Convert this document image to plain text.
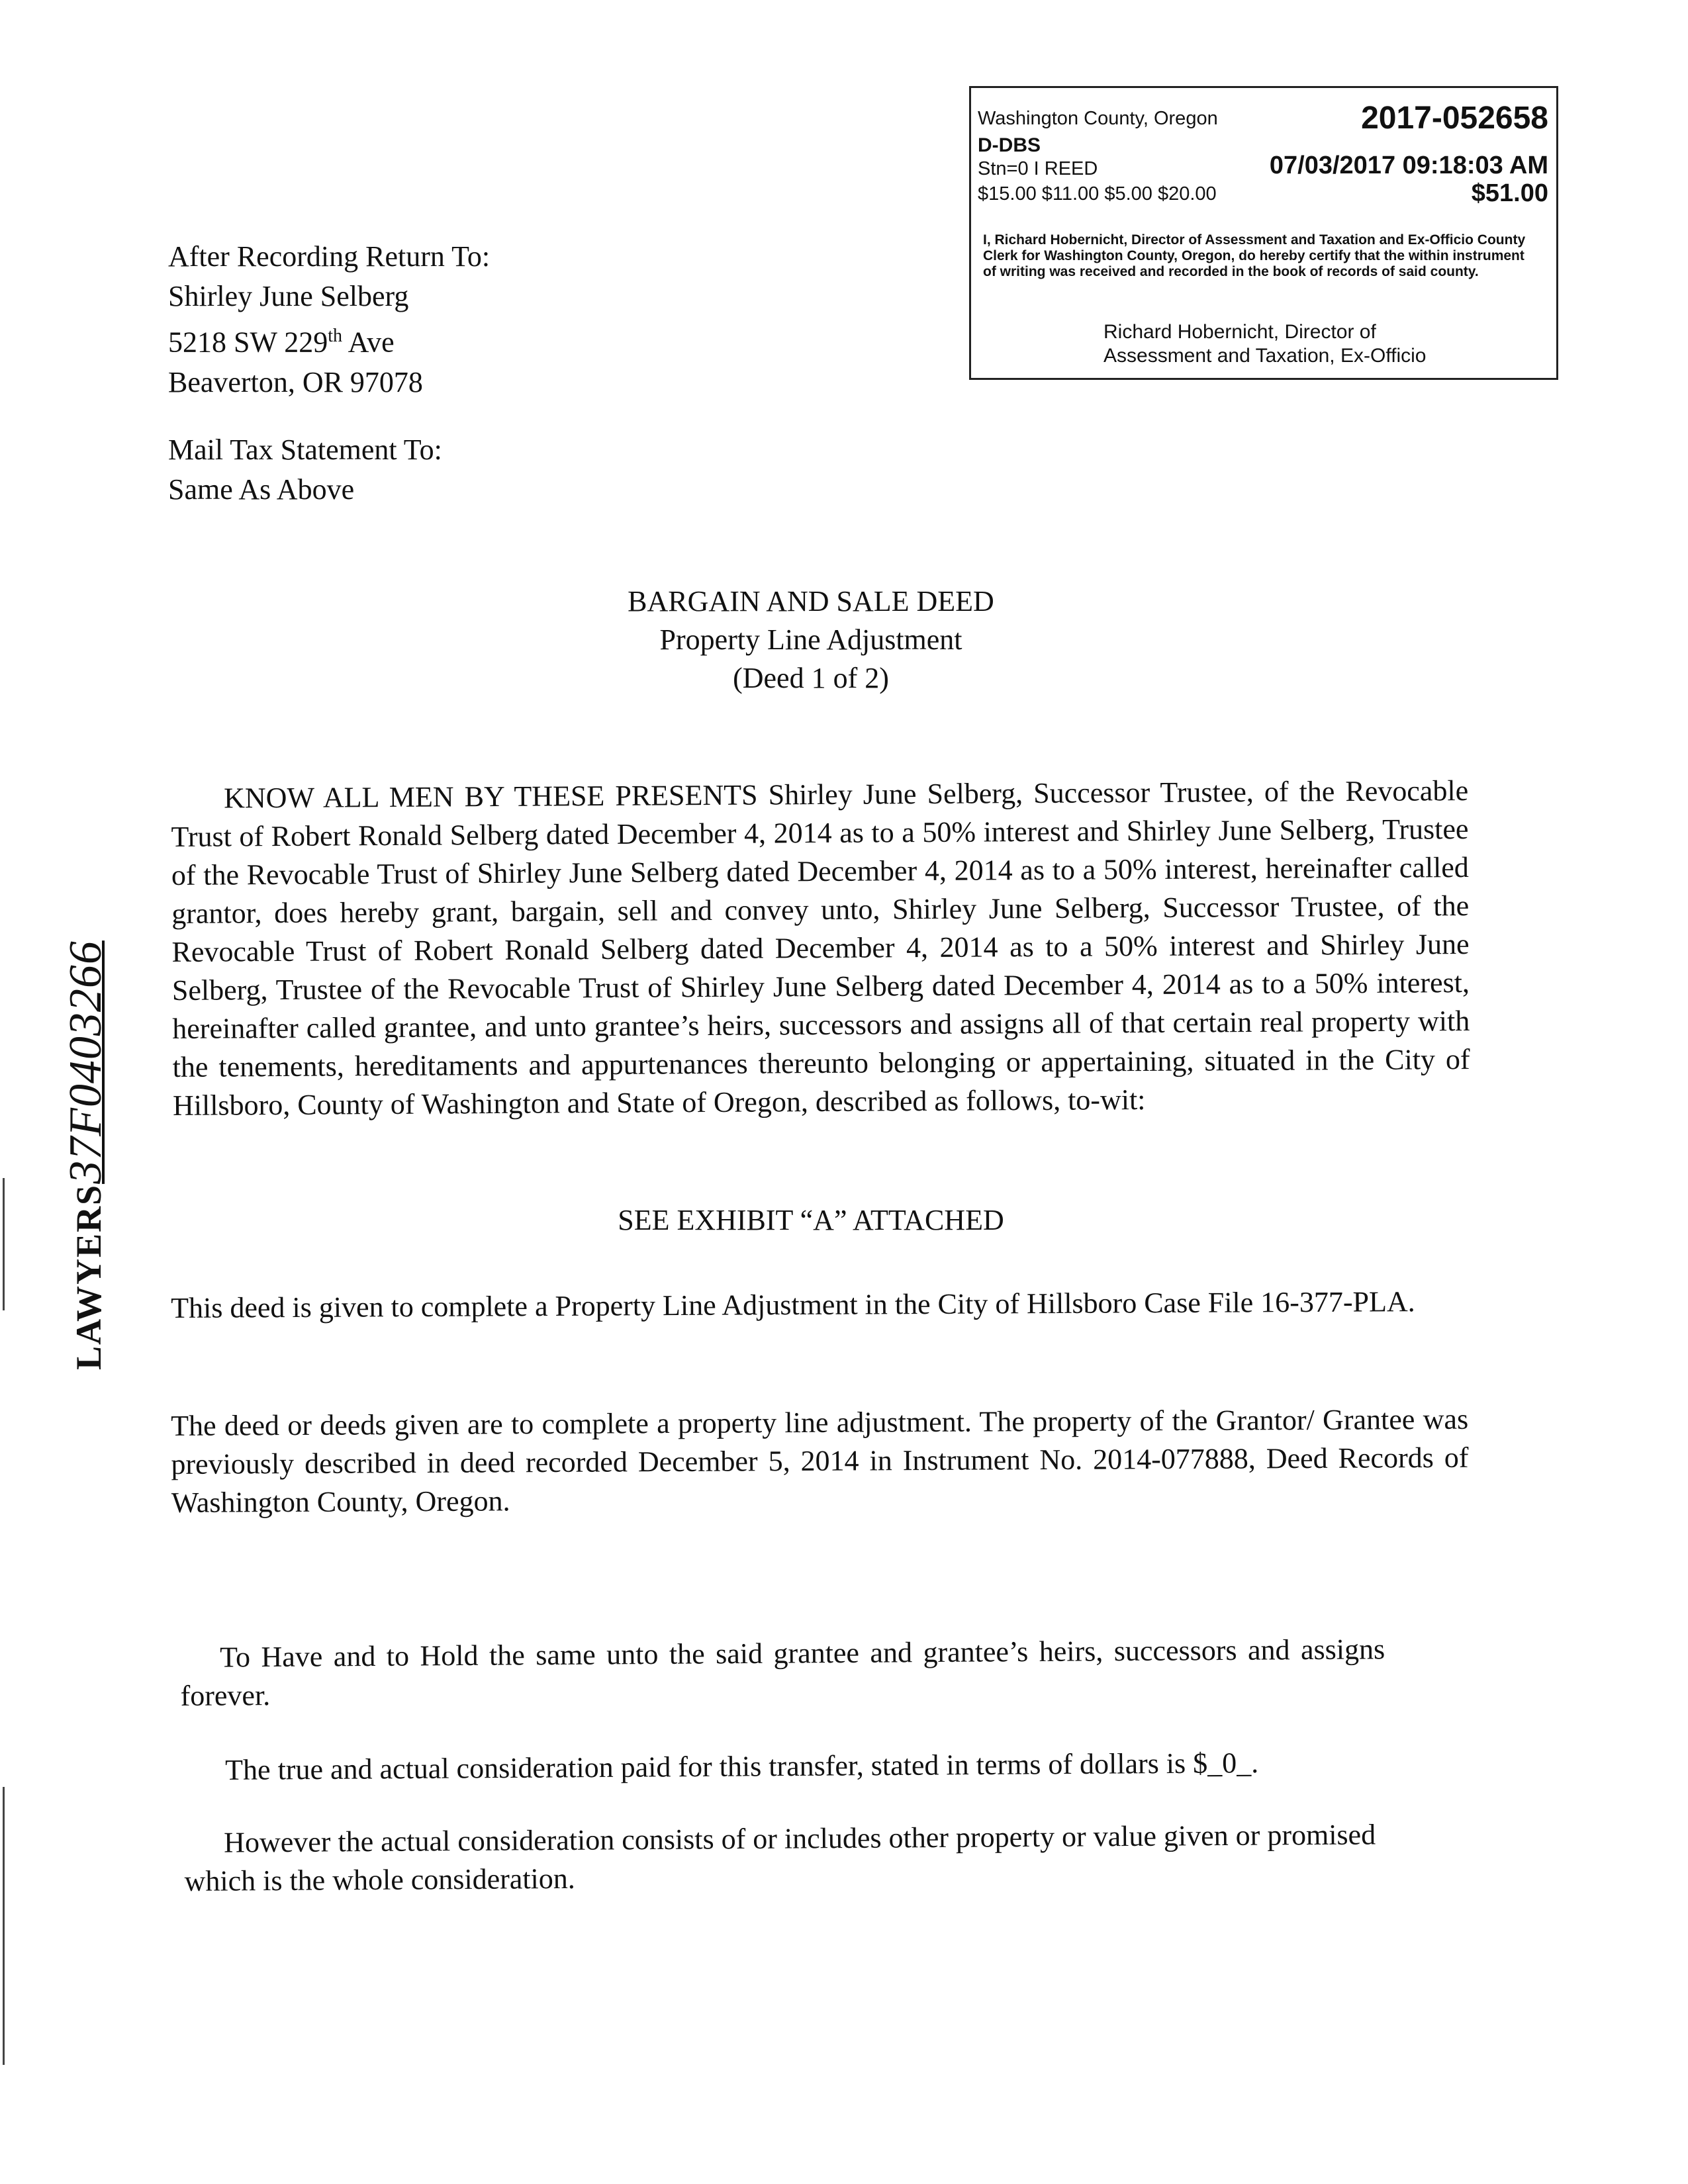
Washington County, Oregon	2017-052658
D-DBS
Stn=0 I REED	07/03/2017 09:18:03 AM
$15.00 $11.00 $5.00 $20.00	$51.00
I, Richard Hobernicht, Director of Assessment and Taxation and Ex-Officio County Clerk for Washington County, Oregon, do hereby certify that the within instrument of writing was received and recorded in the book of records of said county.
Richard Hobernicht, Director of
Assessment and Taxation, Ex-Officio
After Recording Return To:
Shirley June Selberg
5218 SW 229th Ave
Beaverton, OR 97078
Mail Tax Statement To:
Same As Above
BARGAIN AND SALE DEED
Property Line Adjustment
(Deed 1 of 2)
KNOW ALL MEN BY THESE PRESENTS Shirley June Selberg, Successor Trustee, of the Revocable Trust of Robert Ronald Selberg dated December 4, 2014 as to a 50% interest and Shirley June Selberg, Trustee of the Revocable Trust of Shirley June Selberg dated December 4, 2014 as to a 50% interest, hereinafter called grantor, does hereby grant, bargain, sell and convey unto, Shirley June Selberg, Successor Trustee, of the Revocable Trust of Robert Ronald Selberg dated December 4, 2014 as to a 50% interest and Shirley June Selberg, Trustee of the Revocable Trust of Shirley June Selberg dated December 4, 2014 as to a 50% interest, hereinafter called grantee, and unto grantee’s heirs, successors and assigns all of that certain real property with the tenements, hereditaments and appurtenances thereunto belonging or appertaining, situated in the City of Hillsboro, County of Washington and State of Oregon, described as follows, to-wit:
SEE EXHIBIT “A” ATTACHED
This deed is given to complete a Property Line Adjustment in the City of Hillsboro Case File 16-377-PLA.
The deed or deeds given are to complete a property line adjustment. The property of the Grantor/ Grantee was previously described in deed recorded December 5, 2014 in Instrument No. 2014-077888, Deed Records of Washington County, Oregon.
To Have and to Hold the same unto the said grantee and grantee’s heirs, successors and assigns forever.
The true and actual consideration paid for this transfer, stated in terms of dollars is $_0_.
However the actual consideration consists of or includes other property or value given or promised which is the whole consideration.
LAWYERS37F0403266
